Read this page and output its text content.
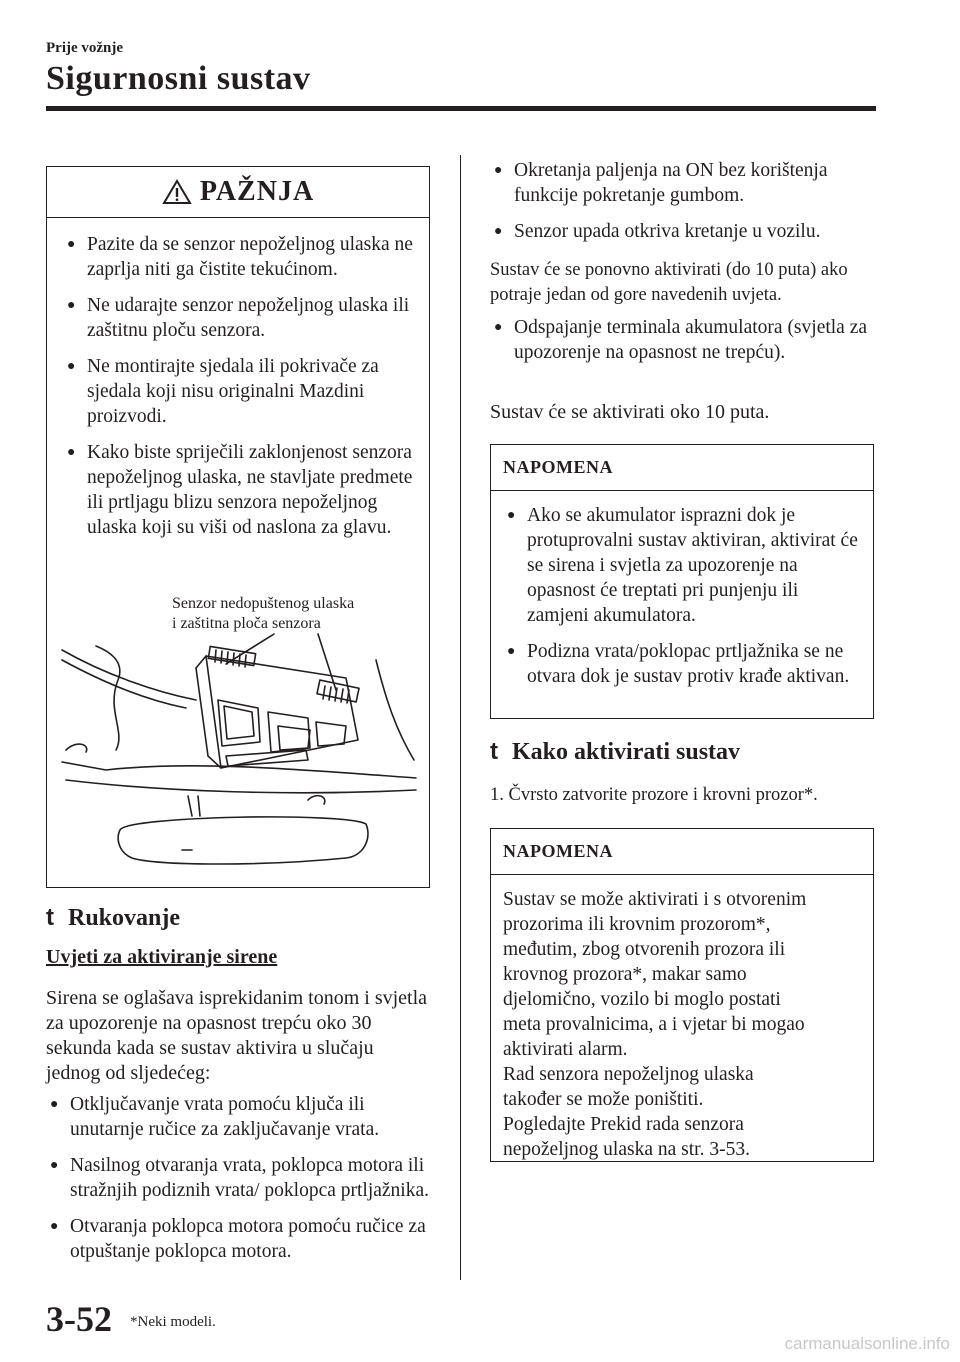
Prije vožnje
Sigurnosni sustav
PAŽNJA
● Pazite da se senzor nepoželjnog ulaska ne zaprlja niti ga čistite tekućinom.
● Ne udarajte senzor nepoželjnog ulaska ili zaštitnu ploču senzora.
● Ne montirajte sjedala ili pokrivače za sjedala koji nisu originalni Mazdini proizvodi.
● Kako biste spriječili zaklonjenost senzora nepoželjnog ulaska, ne stavljate predmete ili prtljagu blizu senzora nepoželjnog ulaska koji su viši od naslona za glavu.
Senzor nedopuštenog ulaska
i zaštitna ploča senzora
t Rukovanje
Uvjeti za aktiviranje sirene
Sirena se oglašava isprekidanim tonom i svjetla za upozorenje na opasnost trepću oko 30 sekunda kada se sustav aktivira u slučaju jednog od sljedećeg:
● Otključavanje vrata pomoću ključa ili unutarnje ručice za zaključavanje vrata.
● Nasilnog otvaranja vrata, poklopca motora ili stražnjih podiznih vrata/ poklopca prtljažnika.
● Otvaranja poklopca motora pomoću ručice za otpuštanje poklopca motora.
● Okretanja paljenja na ON bez korištenja funkcije pokretanje gumbom.
● Senzor upada otkriva kretanje u vozilu.
Sustav će se ponovno aktivirati (do 10 puta) ako potraje jedan od gore navedenih uvjeta.
● Odspajanje terminala akumulatora (svjetla za upozorenje na opasnost ne trepću).
Sustav će se aktivirati oko 10 puta.
NAPOMENA
● Ako se akumulator isprazni dok je protuprovalni sustav aktiviran, aktivirat će se sirena i svjetla za upozorenje na opasnost će treptati pri punjenju ili zamjeni akumulatora.
● Podizna vrata/poklopac prtljažnika se ne otvara dok je sustav protiv krađe aktivan.
t Kako aktivirati sustav
1. Čvrsto zatvorite prozore i krovni prozor*.
NAPOMENA
Sustav se može aktivirati i s otvorenim
prozorima ili krovnim prozorom*,
međutim, zbog otvorenih prozora ili
krovnog prozora*, makar samo
djelomično, vozilo bi moglo postati
meta provalnicima, a i vjetar bi mogao
aktivirati alarm.
Rad senzora nepoželjnog ulaska
također se može poništiti.
Pogledajte Prekid rada senzora
nepoželjnog ulaska na str. 3-53.
3-52 *Neki modeli.
carmanualsonline.info
